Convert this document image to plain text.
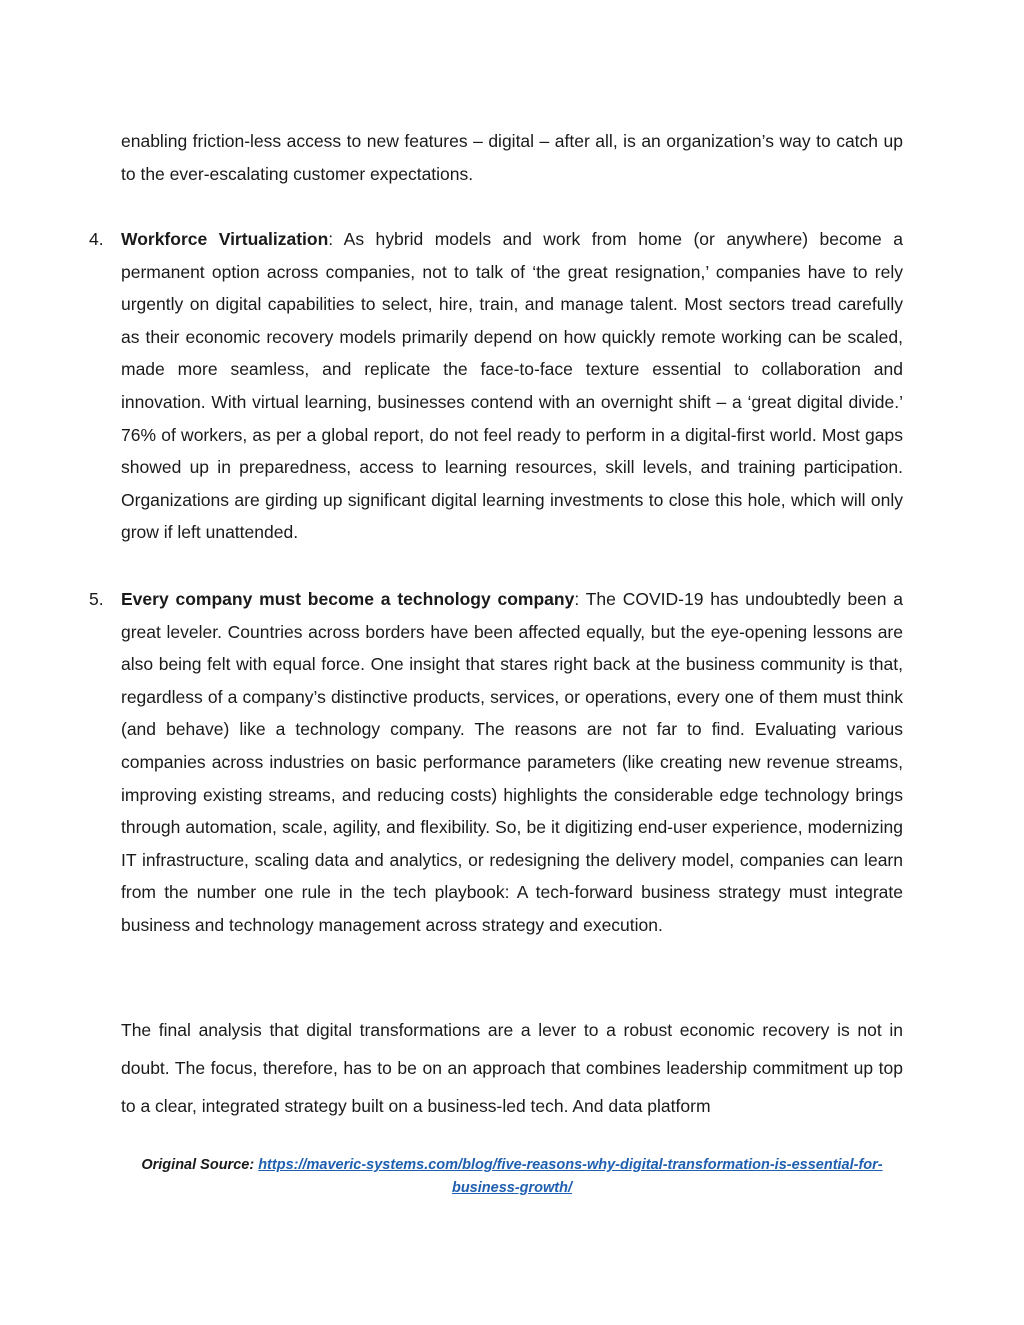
enabling friction-less access to new features – digital – after all, is an organization’s way to catch up to the ever-escalating customer expectations.

4. Workforce Virtualization: As hybrid models and work from home (or anywhere) become a permanent option across companies, not to talk of ‘the great resignation,’ companies have to rely urgently on digital capabilities to select, hire, train, and manage talent. Most sectors tread carefully as their economic recovery models primarily depend on how quickly remote working can be scaled, made more seamless, and replicate the face-to-face texture essential to collaboration and innovation. With virtual learning, businesses contend with an overnight shift – a ‘great digital divide.’ 76% of workers, as per a global report, do not feel ready to perform in a digital-first world. Most gaps showed up in preparedness, access to learning resources, skill levels, and training participation. Organizations are girding up significant digital learning investments to close this hole, which will only grow if left unattended.
5. Every company must become a technology company: The COVID-19 has undoubtedly been a great leveler. Countries across borders have been affected equally, but the eye-opening lessons are also being felt with equal force. One insight that stares right back at the business community is that, regardless of a company’s distinctive products, services, or operations, every one of them must think (and behave) like a technology company. The reasons are not far to find. Evaluating various companies across industries on basic performance parameters (like creating new revenue streams, improving existing streams, and reducing costs) highlights the considerable edge technology brings through automation, scale, agility, and flexibility. So, be it digitizing end-user experience, modernizing IT infrastructure, scaling data and analytics, or redesigning the delivery model, companies can learn from the number one rule in the tech playbook: A tech-forward business strategy must integrate business and technology management across strategy and execution.

The final analysis that digital transformations are a lever to a robust economic recovery is not in doubt. The focus, therefore, has to be on an approach that combines leadership commitment up top to a clear, integrated strategy built on a business-led tech. And data platform

Original Source: https://maveric-systems.com/blog/five-reasons-why-digital-transformation-is-essential-for-business-growth/
